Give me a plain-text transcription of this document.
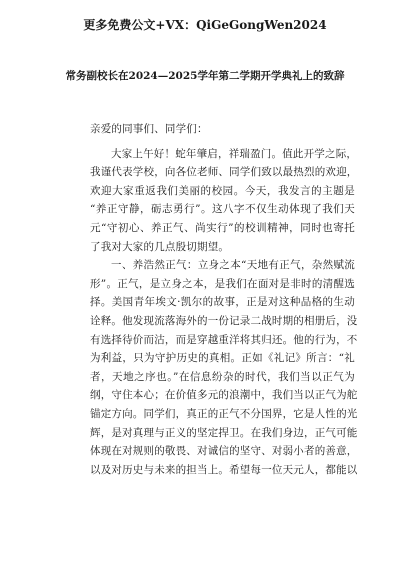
更多免费公文+VX：QiGeGongWen2024
常务副校长在2024—2025学年第二学期开学典礼上的致辞
亲爱的同事们、同学们：
大家上午好！蛇年肇启，祥瑞盈门。值此开学之际，
我谨代表学校，向各位老师、同学们致以最热烈的欢迎，
欢迎大家重返我们美丽的校园。今天，我发言的主题是
“养正守静，砺志勇行”。这八字不仅生动体现了我们天
元“守初心、养正气、尚实行”的校训精神，同时也寄托
了我对大家的几点殷切期望。
一、养浩然正气：立身之本“天地有正气，杂然赋流
形”。正气，是立身之本，是我们在面对是非时的清醒选
择。美国青年埃文·凯尔的故事，正是对这种品格的生动
诠释。他发现流落海外的一份记录二战时期的相册后，没
有选择待价而沽，而是穿越重洋将其归还。他的行为，不
为利益，只为守护历史的真相。正如《礼记》所言：“礼
者，天地之序也。”在信息纷杂的时代，我们当以正气为
纲，守住本心；在价值多元的浪潮中，我们当以正气为舵
锚定方向。同学们，真正的正气不分国界，它是人性的光
辉，是对真理与正义的坚定捍卫。在我们身边，正气可能
体现在对规则的敬畏、对诚信的坚守、对弱小者的善意，
以及对历史与未来的担当上。希望每一位天元人，都能以
